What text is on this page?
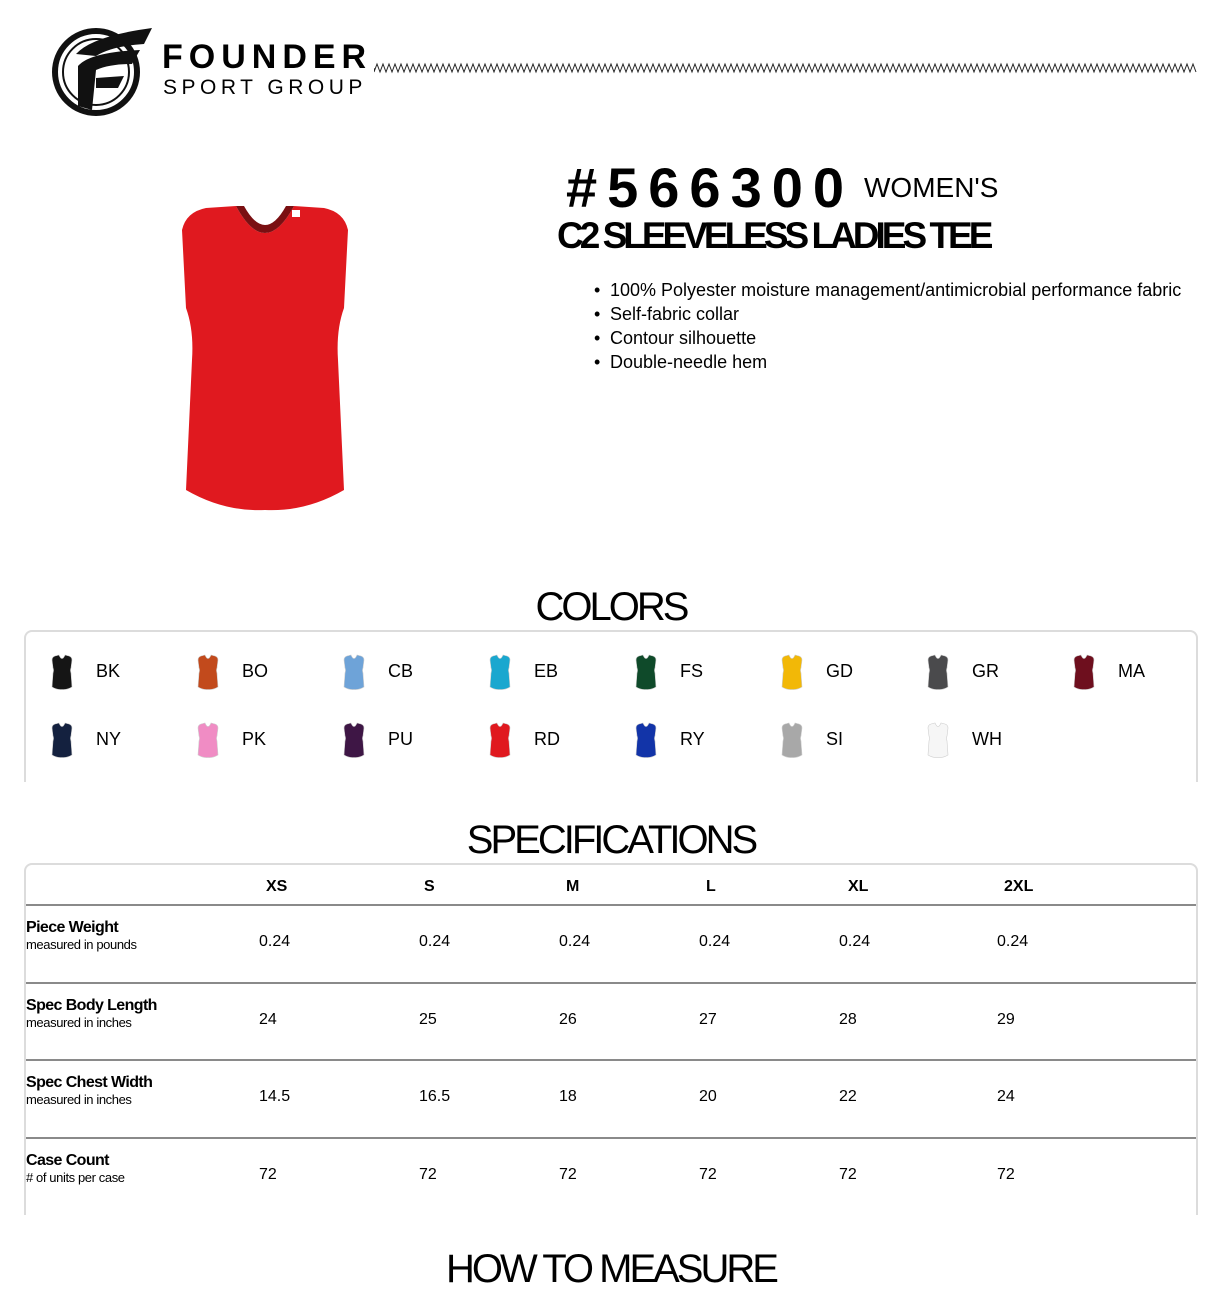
FOUNDER
SPORT GROUP
#566300 WOMEN'S
C2 SLEEVELESS LADIES TEE
• 100% Polyester moisture management/antimicrobial performance fabric
• Self-fabric collar
• Contour silhouette
• Double-needle hem
COLORS
BK	BO	CB	EB	FS	GD	GR	MA
NY	PK	PU	RD	RY	SI	WH
SPECIFICATIONS
XS	S	M	L	XL	2XL
Piece Weight
measured in pounds	0.24	0.24	0.24	0.24	0.24	0.24
Spec Body Length
measured in inches	24	25	26	27	28	29
Spec Chest Width
measured in inches	14.5	16.5	18	20	22	24
Case Count
# of units per case	72	72	72	72	72	72
HOW TO MEASURE
